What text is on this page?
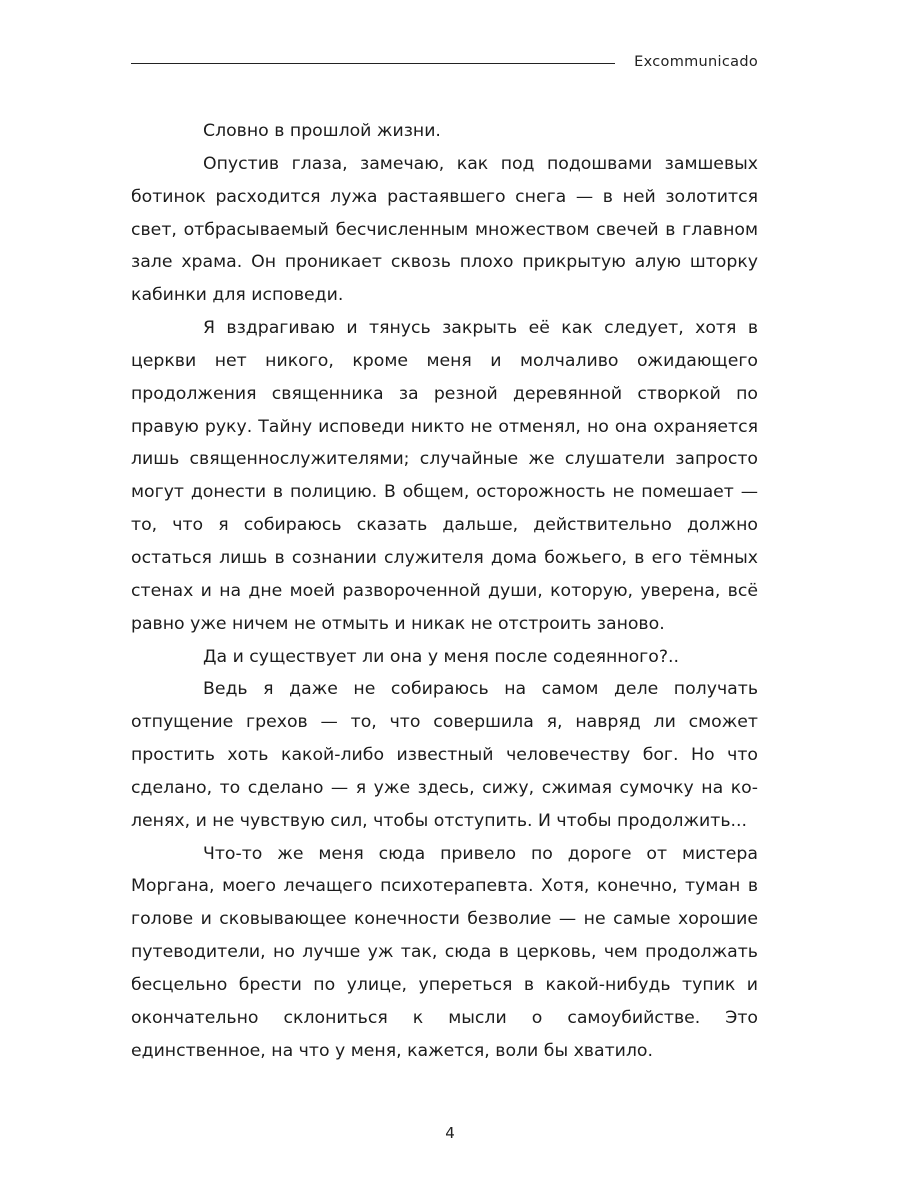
Excommunicado

Словно в прошлой жизни.

Опустив глаза, замечаю, как под подошвами замшевых ботинок расходится лужа растаявшего снега — в ней золотится свет, отбрасываемый бесчисленным множеством свечей в главном зале храма. Он проникает сквозь плохо прикрытую алую шторку кабинки для исповеди.

Я вздрагиваю и тянусь закрыть её как следует, хотя в церкви нет никого, кроме меня и молчаливо ожидающего продолжения священника за резной деревянной створкой по правую руку. Тайну исповеди никто не отменял, но она охраняется лишь священнослужителями; случайные же слушатели запросто могут донести в полицию. В общем, осторожность не помешает — то, что я собираюсь сказать дальше, действительно должно остаться лишь в сознании служителя дома божьего, в его тёмных стенах и на дне моей развороченной души, которую, уверена, всё равно уже ничем не отмыть и никак не отстроить заново.

Да и существует ли она у меня после содеянного?..

Ведь я даже не собираюсь на самом деле получать отпущение грехов — то, что совершила я, навряд ли сможет простить хоть какой-либо известный человечеству бог. Но что сделано, то сделано — я уже здесь, сижу, сжимая сумочку на коленях, и не чувствую сил, чтобы отступить. И чтобы продолжить...

Что-то же меня сюда привело по дороге от мистера Моргана, моего лечащего психотерапевта. Хотя, конечно, туман в голове и сковывающее конечности безволие — не самые хорошие путеводители, но лучше уж так, сюда в церковь, чем продолжать бесцельно брести по улице, упереться в какой-нибудь тупик и окончательно склониться к мысли о самоубийстве. Это единственное, на что у меня, кажется, воли бы хватило.

4
